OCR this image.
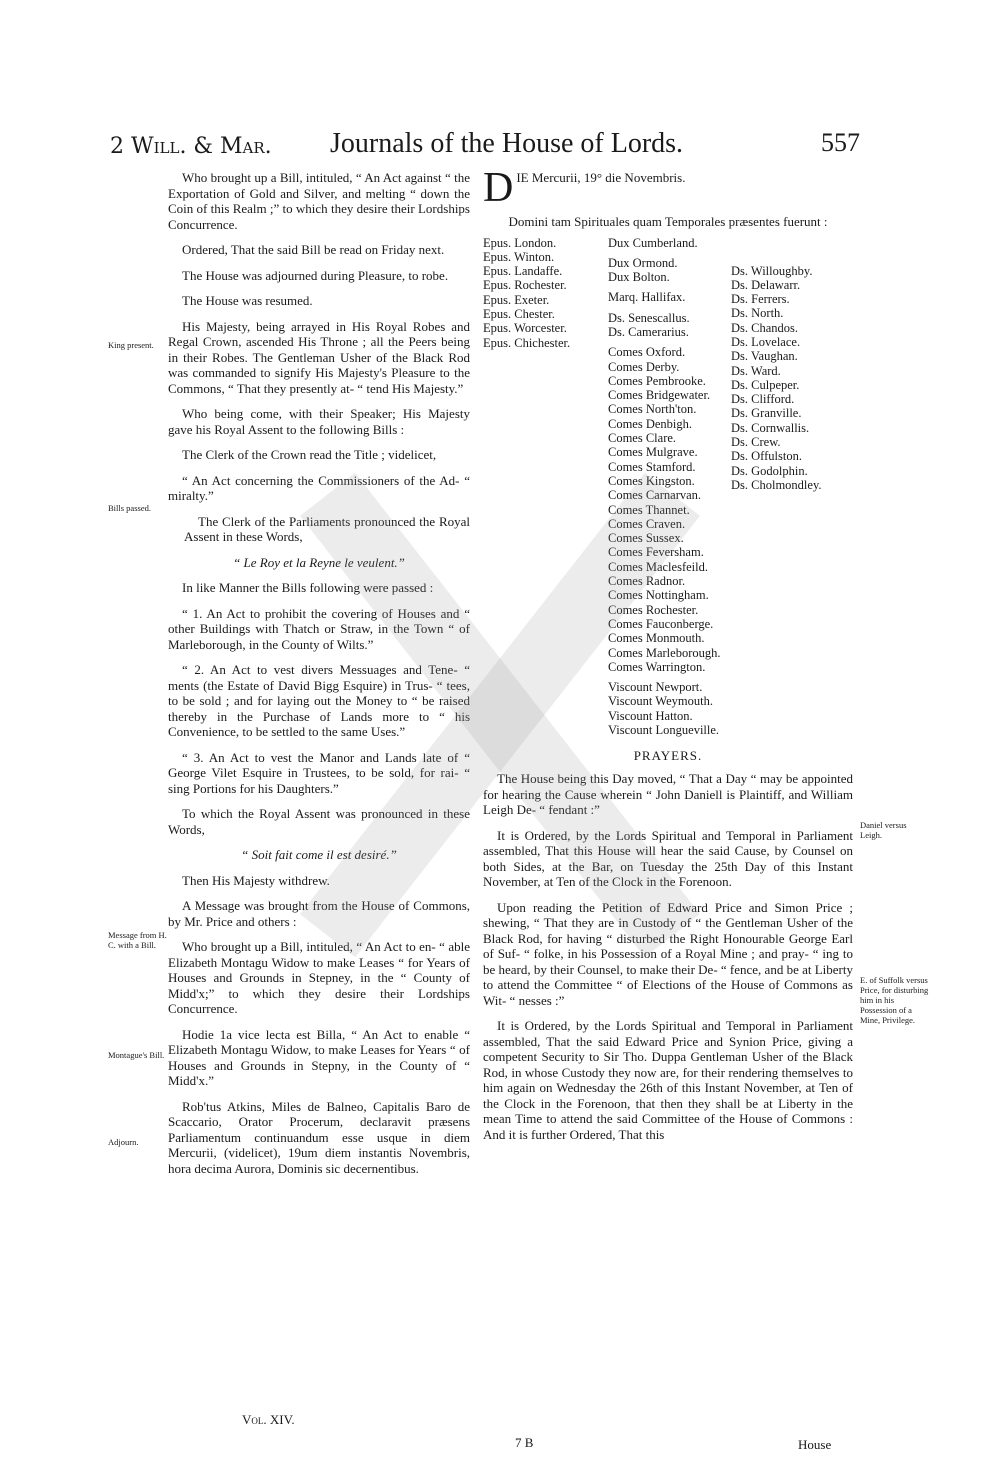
2 Will. & Mar. Journals of the House of Lords.	557
King present.
Bills passed.
Message from H. C. with a Bill.
Montague's Bill.
Adjourn.

Who brought up a Bill, intituled, “ An Act against “ the Exportation of Gold and Silver, and melting “ down the Coin of this Realm ;” to which they desire their Lordships Concurrence.

Ordered, That the said Bill be read on Friday next.

The House was adjourned during Pleasure, to robe.

The House was resumed.

His Majesty, being arrayed in His Royal Robes and Regal Crown, ascended His Throne ; all the Peers being in their Robes. The Gentleman Usher of the Black Rod was commanded to signify His Majesty's Pleasure to the Commons, “ That they presently at- “ tend His Majesty.”

Who being come, with their Speaker; His Majesty gave his Royal Assent to the following Bills :

The Clerk of the Crown read the Title ; videlicet,

“ An Act concerning the Commissioners of the Ad- “ miralty.”

The Clerk of the Parliaments pronounced the Royal Assent in these Words,

“ Le Roy et la Reyne le veulent.”

In like Manner the Bills following were passed :

“ 1. An Act to prohibit the covering of Houses and “ other Buildings with Thatch or Straw, in the Town “ of Marleborough, in the County of Wilts.”

“ 2. An Act to vest divers Messuages and Tene- “ ments (the Estate of David Bigg Esquire) in Trus- “ tees, to be sold ; and for laying out the Money to “ be raised thereby in the Purchase of Lands more to “ his Convenience, to be settled to the same Uses.”

“ 3. An Act to vest the Manor and Lands late of “ George Vilet Esquire in Trustees, to be sold, for rai- “ sing Portions for his Daughters.”

To which the Royal Assent was pronounced in these Words,

“ Soit fait come il est desiré.”

Then His Majesty withdrew.

A Message was brought from the House of Commons, by Mr. Price and others :

Who brought up a Bill, intituled, “ An Act to en- “ able Elizabeth Montagu Widow to make Leases “ for Years of Houses and Grounds in Stepney, in the “ County of Midd'x;” to which they desire their Lordships Concurrence.

Hodie 1a vice lecta est Billa, “ An Act to enable “ Elizabeth Montagu Widow, to make Leases for Years “ of Houses and Grounds in Stepny, in the County of “ Midd'x.”

Rob'tus Atkins, Miles de Balneo, Capitalis Baro de Scaccario, Orator Procerum, declaravit præsens Parliamentum continuandum esse usque in diem Mercurii, (videlicet), 19um diem instantis Novembris, hora decima Aurora, Dominis sic decernentibus.

D IE Mercurii, 19° die Novembris.

Domini tam Spirituales quam Temporales præsentes fuerunt :

Epus. London.
Epus. Winton.
Epus. Landaffe.
Epus. Rochester.
Epus. Exeter.
Epus. Chester.
Epus. Worcester.
Epus. Chichester.
Dux Cumberland.

Dux Ormond.
Dux Bolton.

Marq. Hallifax.

Ds. Senescallus.
Ds. Camerarius.

Comes Oxford.
Comes Derby.
Comes Pembrooke.
Comes Bridgewater.
Comes North'ton.
Comes Denbigh.
Comes Clare.
Comes Mulgrave.
Comes Stamford.
Comes Kingston.
Comes Carnarvan.
Comes Thannet.
Comes Craven.
Comes Sussex.
Comes Feversham.
Comes Maclesfeild.
Comes Radnor.
Comes Nottingham.
Comes Rochester.
Comes Fauconberge.
Comes Monmouth.
Comes Marleborough.
Comes Warrington.

Viscount Newport.
Viscount Weymouth.
Viscount Hatton.
Viscount Longueville.
Ds. Willoughby.
Ds. Delawarr.
Ds. Ferrers.
Ds. North.
Ds. Chandos.
Ds. Lovelace.
Ds. Vaughan.
Ds. Ward.
Ds. Culpeper.
Ds. Clifford.
Ds. Granville.
Ds. Cornwallis.
Ds. Crew.
Ds. Offulston.
Ds. Godolphin.
Ds. Cholmondley.
PRAYERS.

The House being this Day moved, “ That a Day “ may be appointed for hearing the Cause wherein “ John Daniell is Plaintiff, and William Leigh De- “ fendant :”

It is Ordered, by the Lords Spiritual and Temporal in Parliament assembled, That this House will hear the said Cause, by Counsel on both Sides, at the Bar, on Tuesday the 25th Day of this Instant November, at Ten of the Clock in the Forenoon.

Upon reading the Petition of Edward Price and Simon Price ; shewing, “ That they are in Custody of “ the Gentleman Usher of the Black Rod, for having “ disturbed the Right Honourable George Earl of Suf- “ folke, in his Possession of a Royal Mine ; and pray- “ ing to be heard, by their Counsel, to make their De- “ fence, and be at Liberty to attend the Committee “ of Elections of the House of Commons as Wit- “ nesses :”

It is Ordered, by the Lords Spiritual and Temporal in Parliament assembled, That the said Edward Price and Synion Price, giving a competent Security to Sir Tho. Duppa Gentleman Usher of the Black Rod, in whose Custody they now are, for their rendering themselves to him again on Wednesday the 26th of this Instant November, at Ten of the Clock in the Forenoon, that then they shall be at Liberty in the mean Time to attend the said Committee of the House of Commons : And it is further Ordered, That this

Daniel versus Leigh.
E. of Suffolk versus Price, for disturbing him in his Possession of a Mine, Privilege.
Vol. XIV.
7 B	House
